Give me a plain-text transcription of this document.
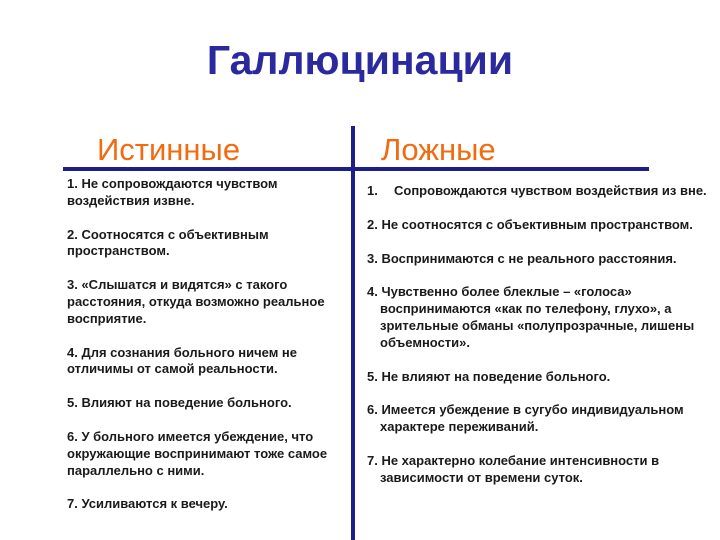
Галлюцинации
Истинные	Ложные
1. Не сопровождаются чувством воздействия извне.
2. Соотносятся с объективным пространством.
3. «Слышатся и видятся» с такого расстояния, откуда возможно реальное восприятие.
4. Для сознания больного ничем не отличимы от самой реальности.
5. Влияют на поведение больного.
6. У больного имеется убеждение, что окружающие воспринимают тоже самое параллельно с ними.
7. Усиливаются к вечеру.
1. Сопровождаются чувством воздействия из вне.
2. Не соотносятся с объективным пространством.
3. Воспринимаются с не реального расстояния.
4. Чувственно более блеклые – «голоса» воспринимаются «как по телефону, глухо», а зрительные обманы «полупрозрачные, лишены объемности».
5. Не влияют на поведение больного.
6. Имеется убеждение в сугубо индивидуальном характере переживаний.
7. Не характерно колебание интенсивности в зависимости от времени суток.
